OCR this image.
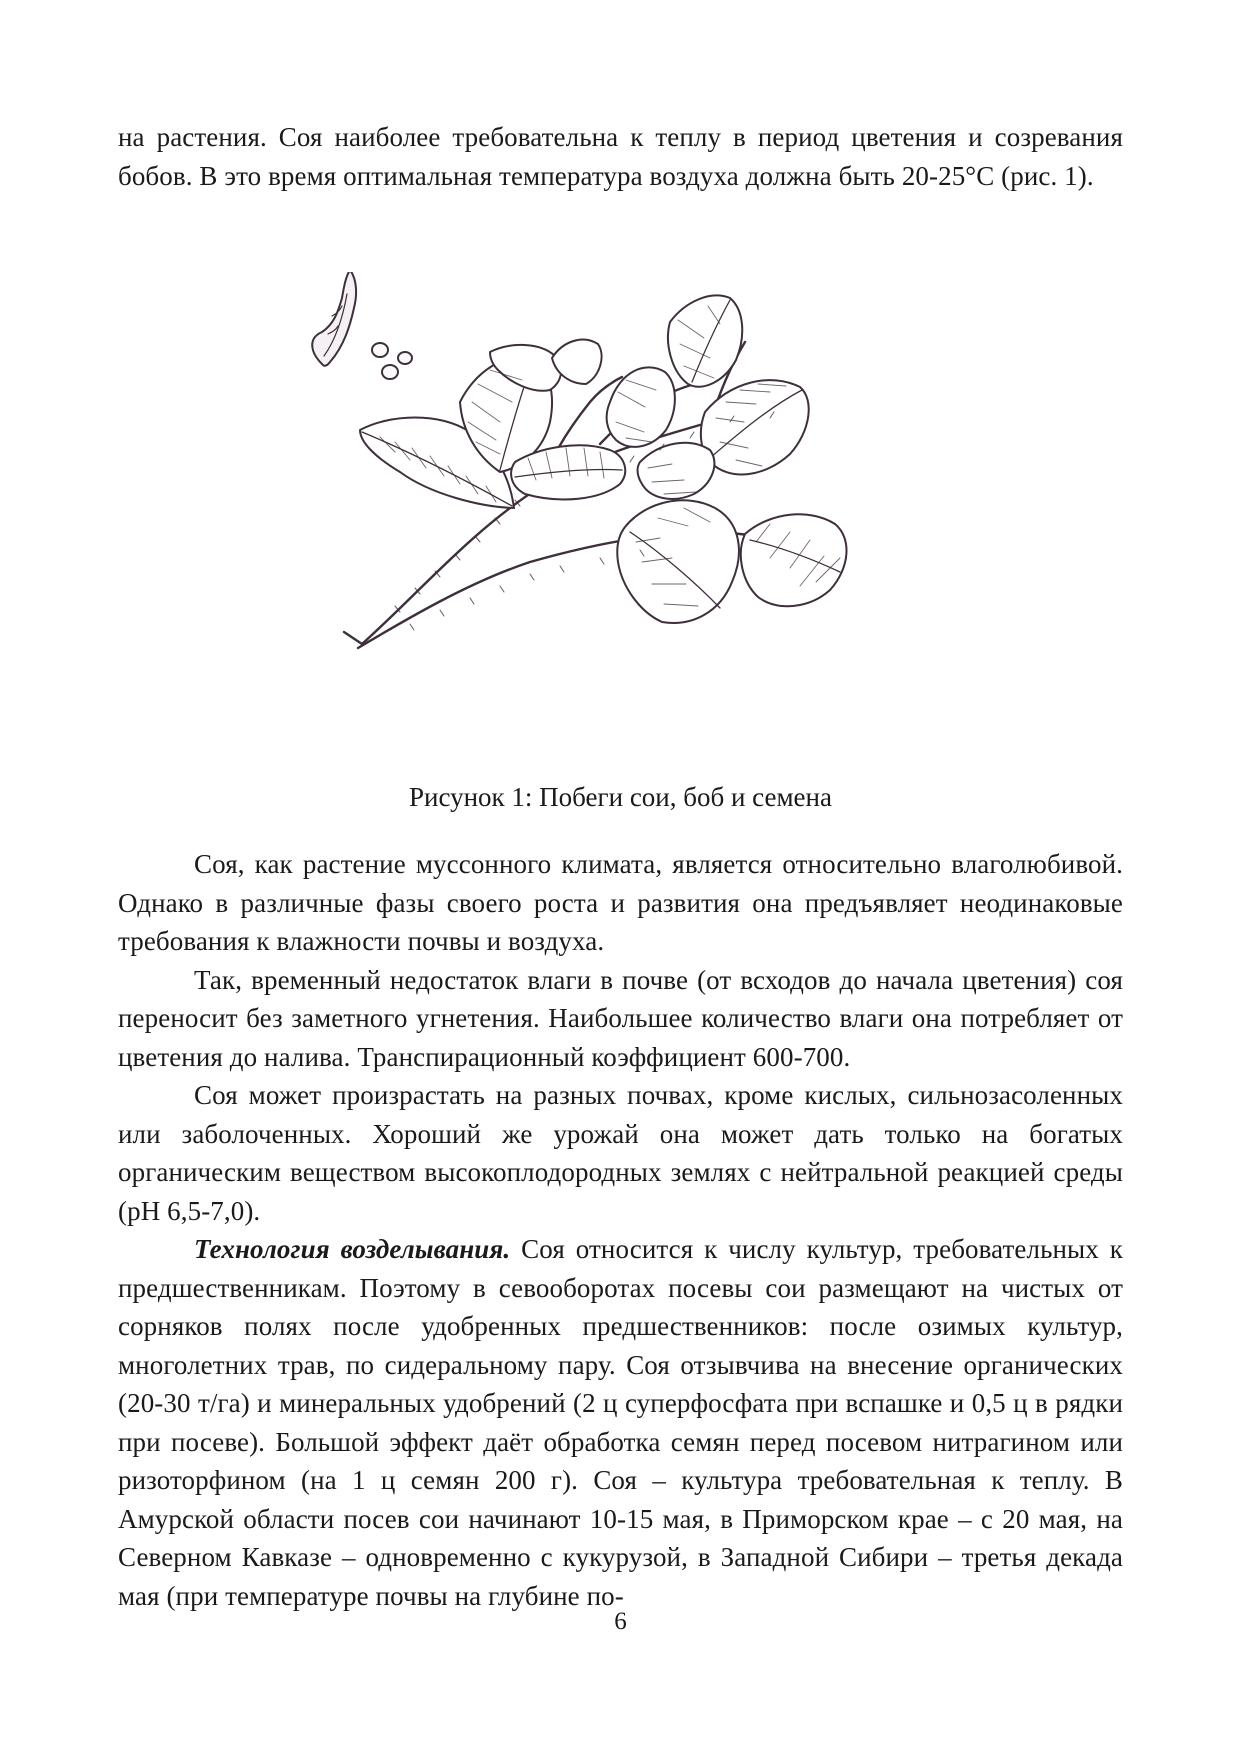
на растения. Соя наиболее требовательна к теплу в период цветения и созревания бобов. В это время оптимальная температура воздуха должна быть 20-25°С (рис. 1).

Рисунок 1: Побеги сои, боб и семена

Соя, как растение муссонного климата, является относительно влаголюбивой. Однако в различные фазы своего роста и развития она предъявляет неодинаковые требования к влажности почвы и воздуха.

Так, временный недостаток влаги в почве (от всходов до начала цветения) соя переносит без заметного угнетения. Наибольшее количество влаги она потребляет от цветения до налива. Транспирационный коэффициент 600-700.

Соя может произрастать на разных почвах, кроме кислых, сильнозасоленных или заболоченных. Хороший же урожай она может дать только на богатых органическим веществом высокоплодородных землях с нейтральной реакцией среды (рН 6,5-7,0).

Технология возделывания. Соя относится к числу культур, требовательных к предшественникам. Поэтому в севооборотах посевы сои размещают на чистых от сорняков полях после удобренных предшественников: после озимых культур, многолетних трав, по сидеральному пару. Соя отзывчива на внесение органических (20-30 т/га) и минеральных удобрений (2 ц суперфосфата при вспашке и 0,5 ц в рядки при посеве). Большой эффект даёт обработка семян перед посевом нитрагином или ризоторфином (на 1 ц семян 200 г). Соя – культура требовательная к теплу. В Амурской области посев сои начинают 10-15 мая, в Приморском крае – с 20 мая, на Северном Кавказе – одновременно с кукурузой, в Западной Сибири – третья декада мая (при температуре почвы на глубине по-

6
